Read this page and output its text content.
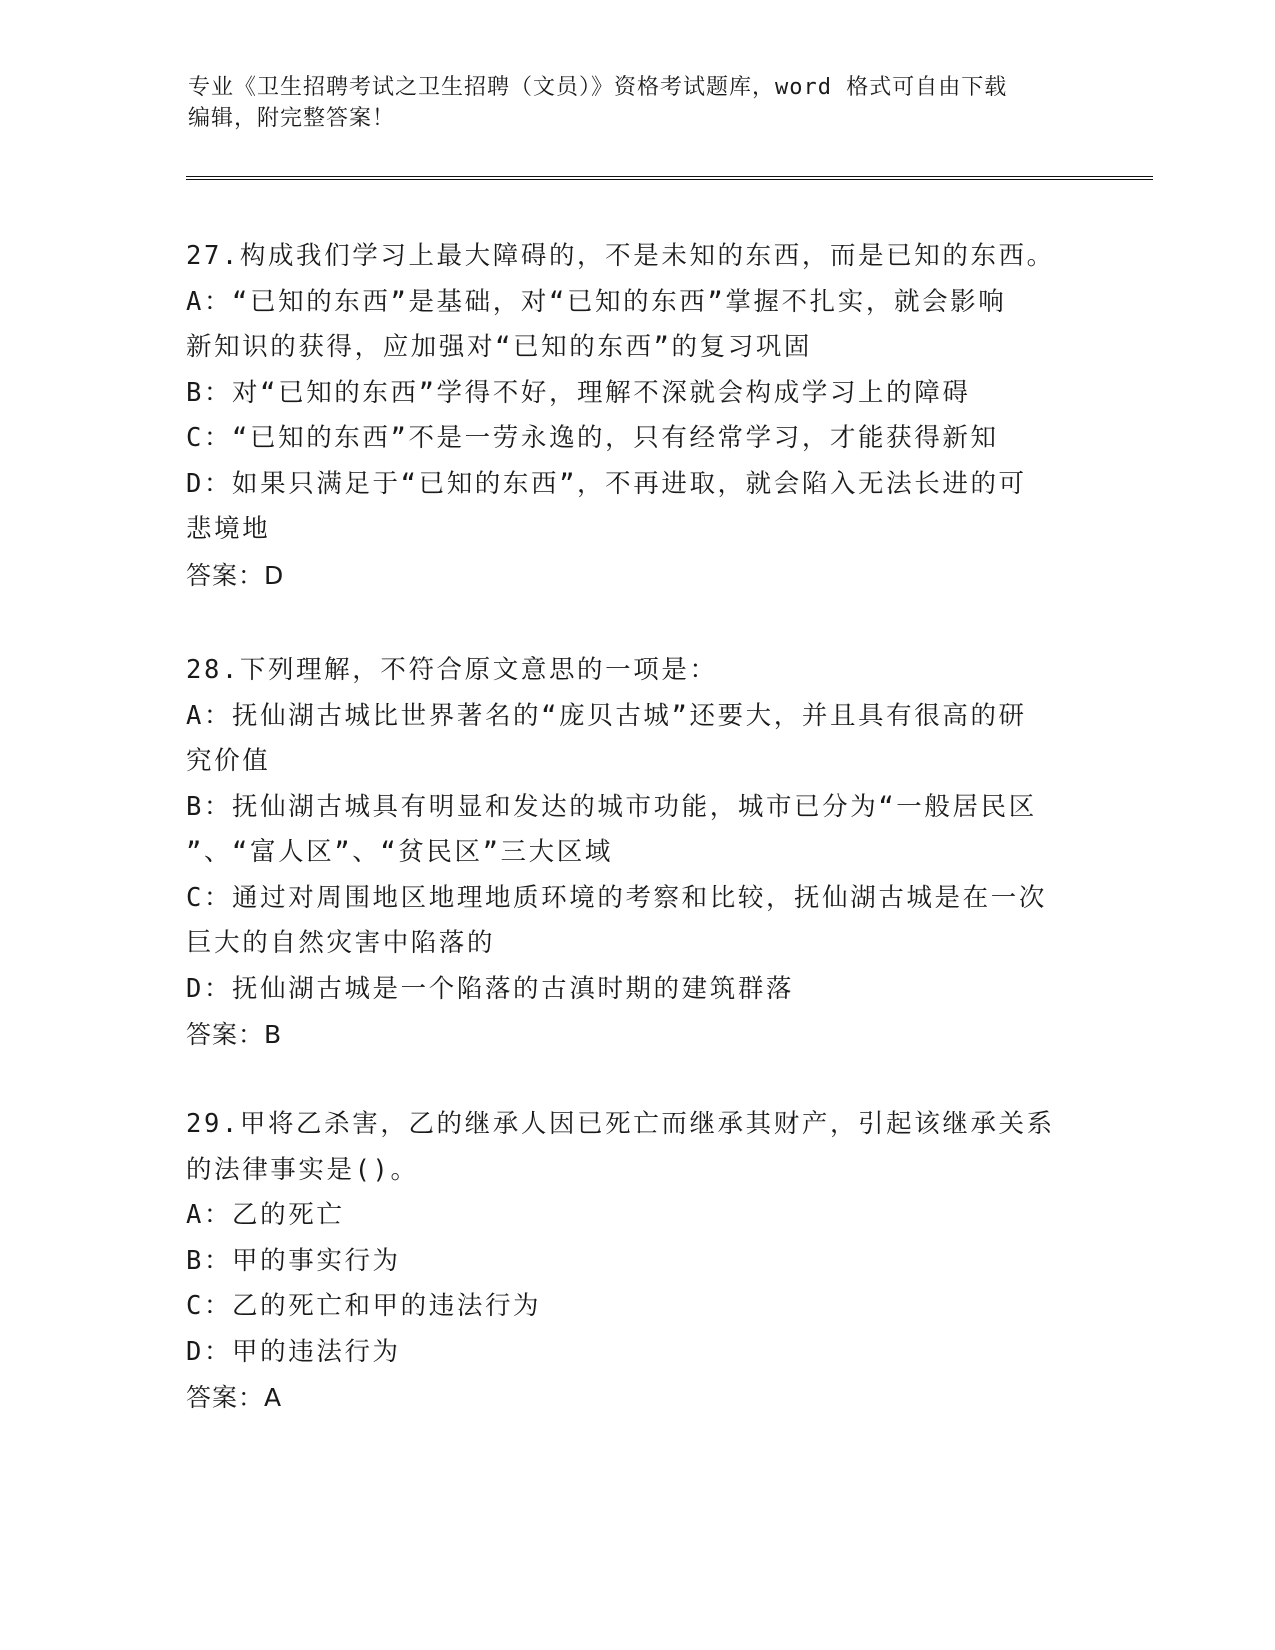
专业《卫生招聘考试之卫生招聘（文员）》资格考试题库，word 格式可自由下载
编辑，附完整答案！

27.构成我们学习上最大障碍的，不是未知的东西，而是已知的东西。

A：“已知的东西”是基础，对“已知的东西”掌握不扎实，就会影响

新知识的获得，应加强对“已知的东西”的复习巩固

B：对“已知的东西”学得不好，理解不深就会构成学习上的障碍

C：“已知的东西”不是一劳永逸的，只有经常学习，才能获得新知

D：如果只满足于“已知的东西”，不再进取，就会陷入无法长进的可

悲境地

答案：D

28.下列理解，不符合原文意思的一项是：

A：抚仙湖古城比世界著名的“庞贝古城”还要大，并且具有很高的研

究价值

B：抚仙湖古城具有明显和发达的城市功能，城市已分为“一般居民区

”、“富人区”、“贫民区”三大区域

C：通过对周围地区地理地质环境的考察和比较，抚仙湖古城是在一次

巨大的自然灾害中陷落的

D：抚仙湖古城是一个陷落的古滇时期的建筑群落

答案：B

29.甲将乙杀害，乙的继承人因已死亡而继承其财产，引起该继承关系

的法律事实是()。

A：乙的死亡

B：甲的事实行为

C：乙的死亡和甲的违法行为

D：甲的违法行为

答案：A
